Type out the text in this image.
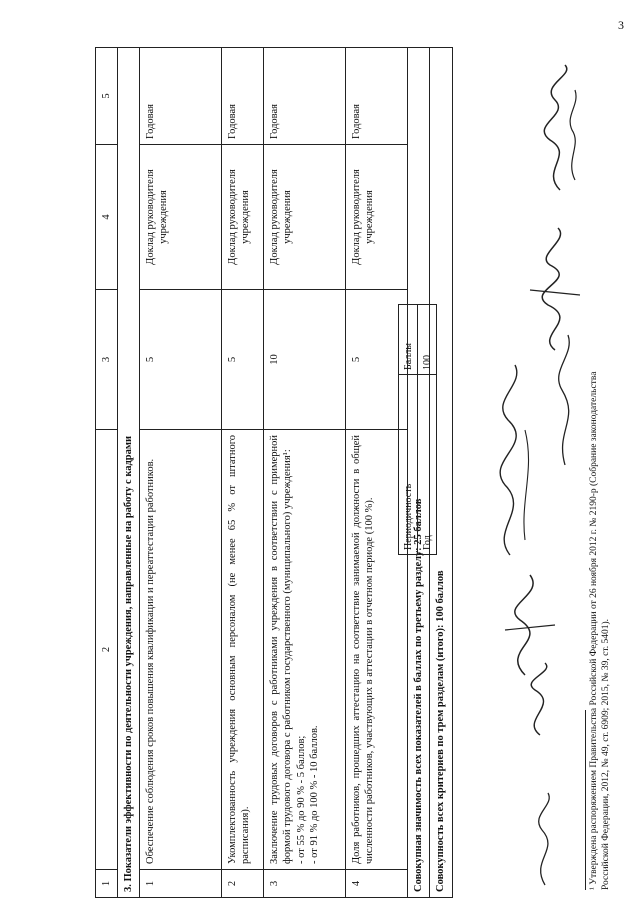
3
1	2	3	4	5
3. Показатели эффективности по деятельности учреждения, направленные на работу с кадрами				
1	Обеспечение соблюдения сроков повышения квалификации и переаттестации работников.	5	Доклад руководителя учреждения	Годовая
2	Укомплектованность учреждения основным персоналом (не менее 65 % от штатного расписания).	5	Доклад руководителя учреждения	Годовая
3	Заключение трудовых договоров с работниками учреждения в соответствии с примерной формой трудового договора с работником государственного (муниципального) учреждения¹: - от 55 % до 90 % - 5 баллов; - от 91 % до 100 % - 10 баллов.	10	Доклад руководителя учреждения	Годовая
4	Доля работников, прошедших аттестацию на соответствие занимаемой должности в общей численности работников, участвующих в аттестации в отчетном периоде (100 %).	5	Доклад руководителя учреждения	Годовая
Совокупная значимость всех показателей в баллах по третьему разделу: 25 баллов				
Совокупность всех критериев по трем разделам (итого): 100 баллов				
Периодичность	Баллы
Год	100
¹ Утверждена распоряжением Правительства Российской Федерации от 26 ноября 2012 г. № 2190-р (Собрание законодательства Российской Федерации, 2012, № 49, ст. 6909; 2015, № 39, ст. 5401).
